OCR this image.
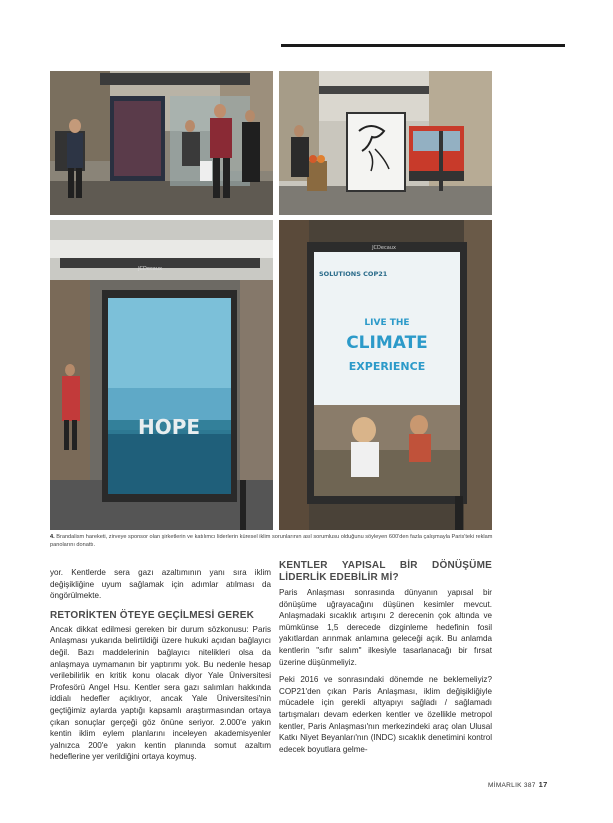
HOPE
JCDecaux
SOLUTIONS COP21
LIVE THE
CLIMATE
EXPERIENCE
JCDecaux
4. Brandalism hareketi, zirveye sponsor olan şirketlerin ve katılımcı liderlerin küresel iklim sorunlarının asıl sorumlusu olduğunu söyleyen 600'den fazla çalışmayla Paris'teki reklam panolarını donattı.

yor. Kentlerde sera gazı azaltımının yanı sıra iklim değişikliğine uyum sağlamak için adımlar atılması da öngörülmekte.

RETORİKTEN ÖTEYE GEÇİLMESİ GEREK

Ancak dikkat edilmesi gereken bir durum sözkonusu: Paris Anlaşması yukarıda belirtildiği üzere hukuki açıdan bağlayıcı değil. Bazı maddelerinin bağlayıcı nitelikleri olsa da anlaşmaya uymamanın bir yaptırımı yok. Bu nedenle hesap verilebilirlik en kritik konu olacak diyor Yale Üniversitesi Profesörü Angel Hsu. Kentler sera gazı salımları hakkında iddialı hedefler açıklıyor, ancak Yale Üniversitesi'nin geçtiğimiz aylarda yaptığı kapsamlı araştırmasından ortaya çıkan sonuçlar gerçeği göz önüne seriyor. 2.000'e yakın kentin iklim eylem planlarını inceleyen akademisyenler yalnızca 200'e yakın kentin planında somut azaltım hedeflerine yer verildiğini ortaya koymuş.

KENTLER YAPISAL BİR DÖNÜŞÜME LİDERLİK EDEBİLİR Mİ?

Paris Anlaşması sonrasında dünyanın yapısal bir dönüşüme uğrayacağını düşünen kesimler mevcut. Anlaşmadaki sıcaklık artışını 2 derecenin çok altında ve mümkünse 1,5 derecede dizginleme hedefinin fosil yakıtlardan arınmak anlamına geleceği açık. Bu anlamda kentlerin "sıfır salım" ilkesiyle tasarlanacağı bir fırsat üzerine düşünmeliyiz.

Peki 2016 ve sonrasındaki dönemde ne beklemeliyiz? COP21'den çıkan Paris Anlaşması, iklim değişikliğiyle mücadele için gerekli altyapıyı sağladı / sağlamadı tartışmaları devam ederken kentler ve özellikle metropol kentler, Paris Anlaşması'nın merkezindeki araç olan Ulusal Katkı Niyet Beyanları'nın (INDC) sıcaklık denetimini kontrol edecek boyutlara gelme-

MİMARLIK 387 17
